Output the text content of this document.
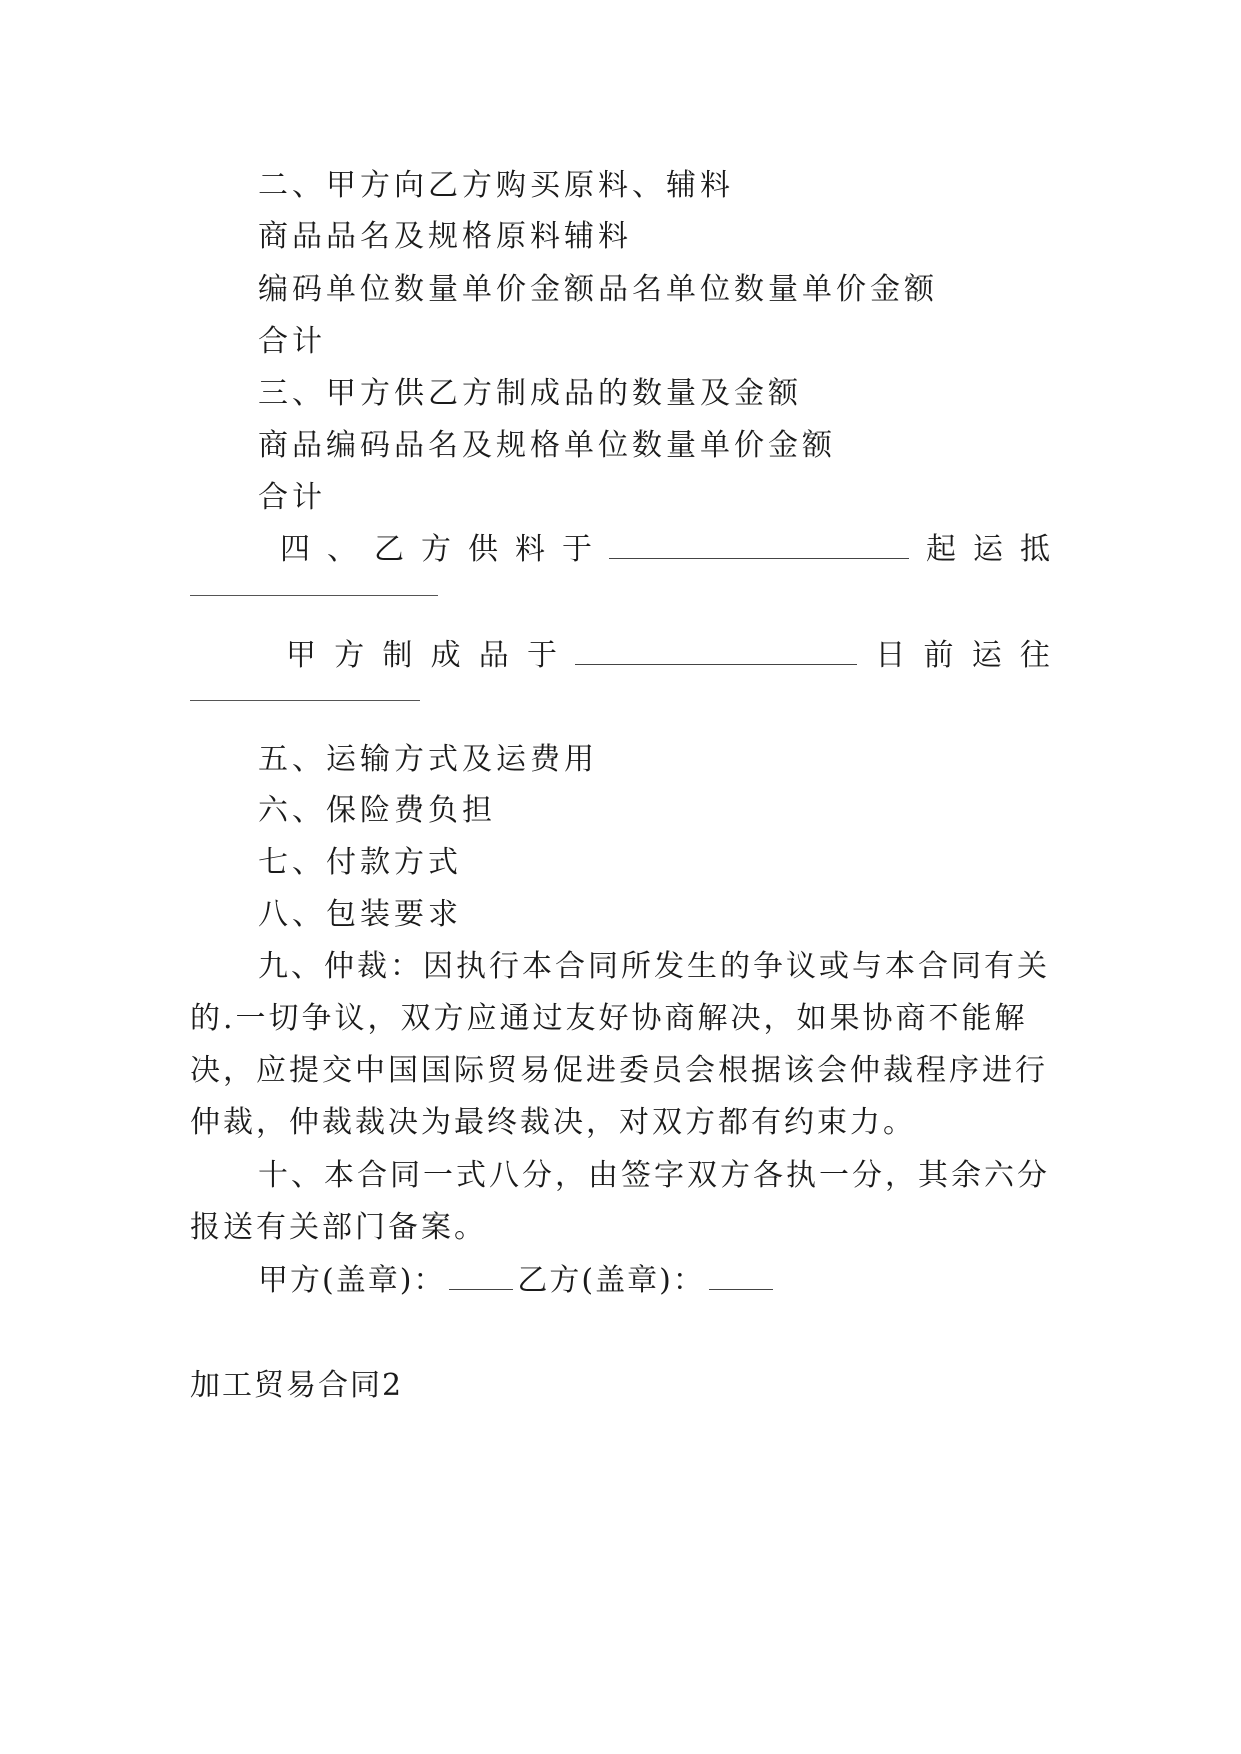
二、甲方向乙方购买原料、辅料
商品品名及规格原料辅料
编码单位数量单价金额品名单位数量单价金额
合计
三、甲方供乙方制成品的数量及金额
商品编码品名及规格单位数量单价金额
合计
四 、 乙 方 供 料 于	起 运 抵
甲 方 制 成 品 于	日 前 运 往
五、运输方式及运费用
六、保险费负担
七、付款方式
八、包装要求
九、仲裁：因执行本合同所发生的争议或与本合同有关
的.一切争议，双方应通过友好协商解决，如果协商不能解
决，应提交中国国际贸易促进委员会根据该会仲裁程序进行
仲裁，仲裁裁决为最终裁决，对双方都有约束力。
十、本合同一式八分，由签字双方各执一分，其余六分
报送有关部门备案。
甲方(盖章)： 乙方(盖章)：
加工贸易合同2
